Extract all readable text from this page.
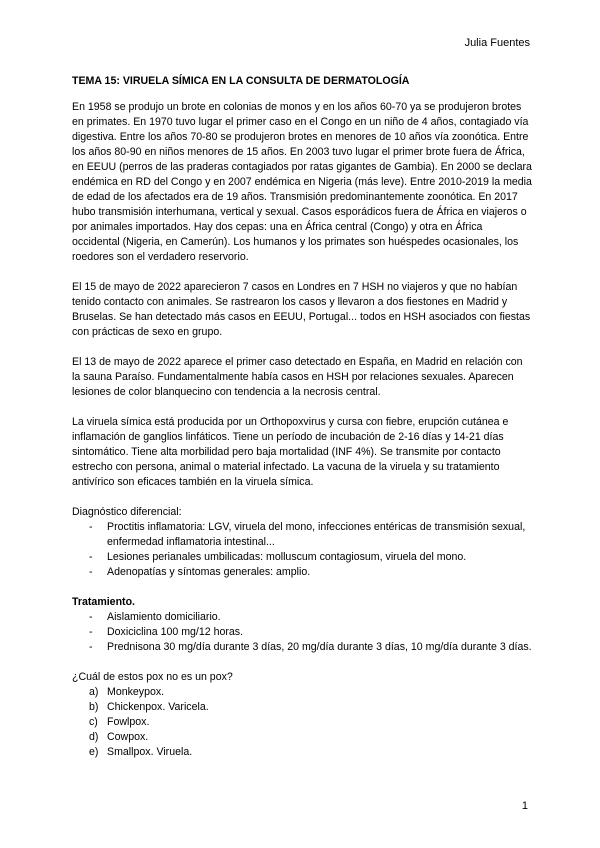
Julia Fuentes

TEMA 15: VIRUELA SÍMICA EN LA CONSULTA DE DERMATOLOGÍA

En 1958 se produjo un brote en colonias de monos y en los años 60-70 ya se produjeron brotes en primates. En 1970 tuvo lugar el primer caso en el Congo en un niño de 4 años, contagiado vía digestiva. Entre los años 70-80 se produjeron brotes en menores de 10 años vía zoonótica. Entre los años 80-90 en niños menores de 15 años. En 2003 tuvo lugar el primer brote fuera de África, en EEUU (perros de las praderas contagiados por ratas gigantes de Gambia). En 2000 se declara endémica en RD del Congo y en 2007 endémica en Nigeria (más leve). Entre 2010-2019 la media de edad de los afectados era de 19 años. Transmisión predominantemente zoonótica. En 2017 hubo transmisión interhumana, vertical y sexual. Casos esporádicos fuera de África en viajeros o por animales importados. Hay dos cepas: una en África central (Congo) y otra en África occidental (Nigeria, en Camerún). Los humanos y los primates son huéspedes ocasionales, los roedores son el verdadero reservorio.

El 15 de mayo de 2022 aparecieron 7 casos en Londres en 7 HSH no viajeros y que no habían tenido contacto con animales. Se rastrearon los casos y llevaron a dos fiestones en Madrid y Bruselas. Se han detectado más casos en EEUU, Portugal... todos en HSH asociados con fiestas con prácticas de sexo en grupo.

El 13 de mayo de 2022 aparece el primer caso detectado en España, en Madrid en relación con la sauna Paraíso. Fundamentalmente había casos en HSH por relaciones sexuales. Aparecen lesiones de color blanquecino con tendencia a la necrosis central.

La viruela símica está producida por un Orthopoxvirus y cursa con fiebre, erupción cutánea e inflamación de ganglios linfáticos. Tiene un período de incubación de 2-16 días y 14-21 días sintomático. Tiene alta morbilidad pero baja mortalidad (INF 4%). Se transmite por contacto estrecho con persona, animal o material infectado. La vacuna de la viruela y su tratamiento antivírico son eficaces también en la viruela símica.

Diagnóstico diferencial:

- Proctitis inflamatoria: LGV, viruela del mono, infecciones entéricas de transmisión sexual, enfermedad inflamatoria intestinal...
- Lesiones perianales umbilicadas: molluscum contagiosum, viruela del mono.
- Adenopatías y síntomas generales: amplio.

Tratamiento.

- Aislamiento domiciliario.
- Doxiciclina 100 mg/12 horas.
- Prednisona 30 mg/día durante 3 días, 20 mg/día durante 3 días, 10 mg/día durante 3 días.

¿Cuál de estos pox no es un pox?

a) Monkeypox.
b) Chickenpox. Varicela.
c) Fowlpox.
d) Cowpox.
e) Smallpox. Viruela.
1
